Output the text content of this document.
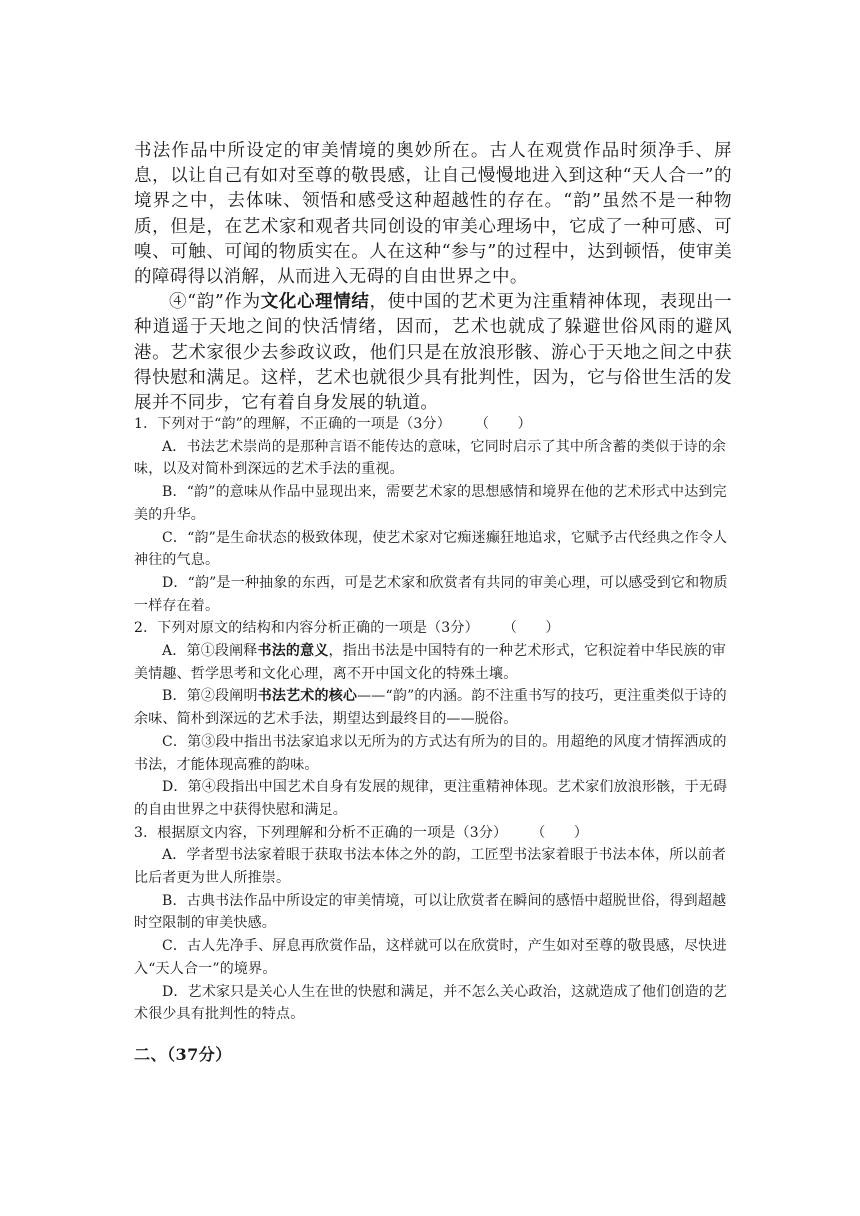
书法作品中所设定的审美情境的奥妙所在。古人在观赏作品时须净手、屏息，以让自己有如对至尊的敬畏感，让自己慢慢地进入到这种“天人合一”的境界之中，去体味、领悟和感受这种超越性的存在。“韵”虽然不是一种物质，但是，在艺术家和观者共同创设的审美心理场中，它成了一种可感、可嗅、可触、可闻的物质实在。人在这种“参与”的过程中，达到顿悟，使审美的障碍得以消解，从而进入无碍的自由世界之中。

④“韵”作为文化心理情结，使中国的艺术更为注重精神体现，表现出一种逍遥于天地之间的快活情绪，因而，艺术也就成了躲避世俗风雨的避风港。艺术家很少去参政议政，他们只是在放浪形骸、游心于天地之间之中获得快慰和满足。这样，艺术也就很少具有批判性，因为，它与俗世生活的发展并不同步，它有着自身发展的轨道。

1．下列对于“韵”的理解，不正确的一项是（3分） （　　）

A．书法艺术崇尚的是那种言语不能传达的意味，它同时启示了其中所含蓄的类似于诗的余味，以及对简朴到深远的艺术手法的重视。

B．“韵”的意味从作品中显现出来，需要艺术家的思想感情和境界在他的艺术形式中达到完美的升华。

C．“韵”是生命状态的极致体现，使艺术家对它痴迷癫狂地追求，它赋予古代经典之作令人神往的气息。

D．“韵”是一种抽象的东西，可是艺术家和欣赏者有共同的审美心理，可以感受到它和物质一样存在着。

2．下列对原文的结构和内容分析正确的一项是（3分） （　　）

A．第①段阐释书法的意义，指出书法是中国特有的一种艺术形式，它积淀着中华民族的审美情趣、哲学思考和文化心理，离不开中国文化的特殊土壤。

B．第②段阐明书法艺术的核心——“韵”的内涵。韵不注重书写的技巧，更注重类似于诗的余味、简朴到深远的艺术手法，期望达到最终目的——脱俗。

C．第③段中指出书法家追求以无所为的方式达有所为的目的。用超绝的风度才情挥洒成的书法，才能体现高雅的韵味。

D．第④段指出中国艺术自身有发展的规律，更注重精神体现。艺术家们放浪形骸，于无碍的自由世界之中获得快慰和满足。

3．根据原文内容，下列理解和分析不正确的一项是（3分） （　　）

A．学者型书法家着眼于获取书法本体之外的韵，工匠型书法家着眼于书法本体，所以前者比后者更为世人所推崇。

B．古典书法作品中所设定的审美情境，可以让欣赏者在瞬间的感悟中超脱世俗，得到超越时空限制的审美快感。

C．古人先净手、屏息再欣赏作品，这样就可以在欣赏时，产生如对至尊的敬畏感，尽快进入“天人合一”的境界。

D．艺术家只是关心人生在世的快慰和满足，并不怎么关心政治，这就造成了他们创造的艺术很少具有批判性的特点。

二、（37分）
